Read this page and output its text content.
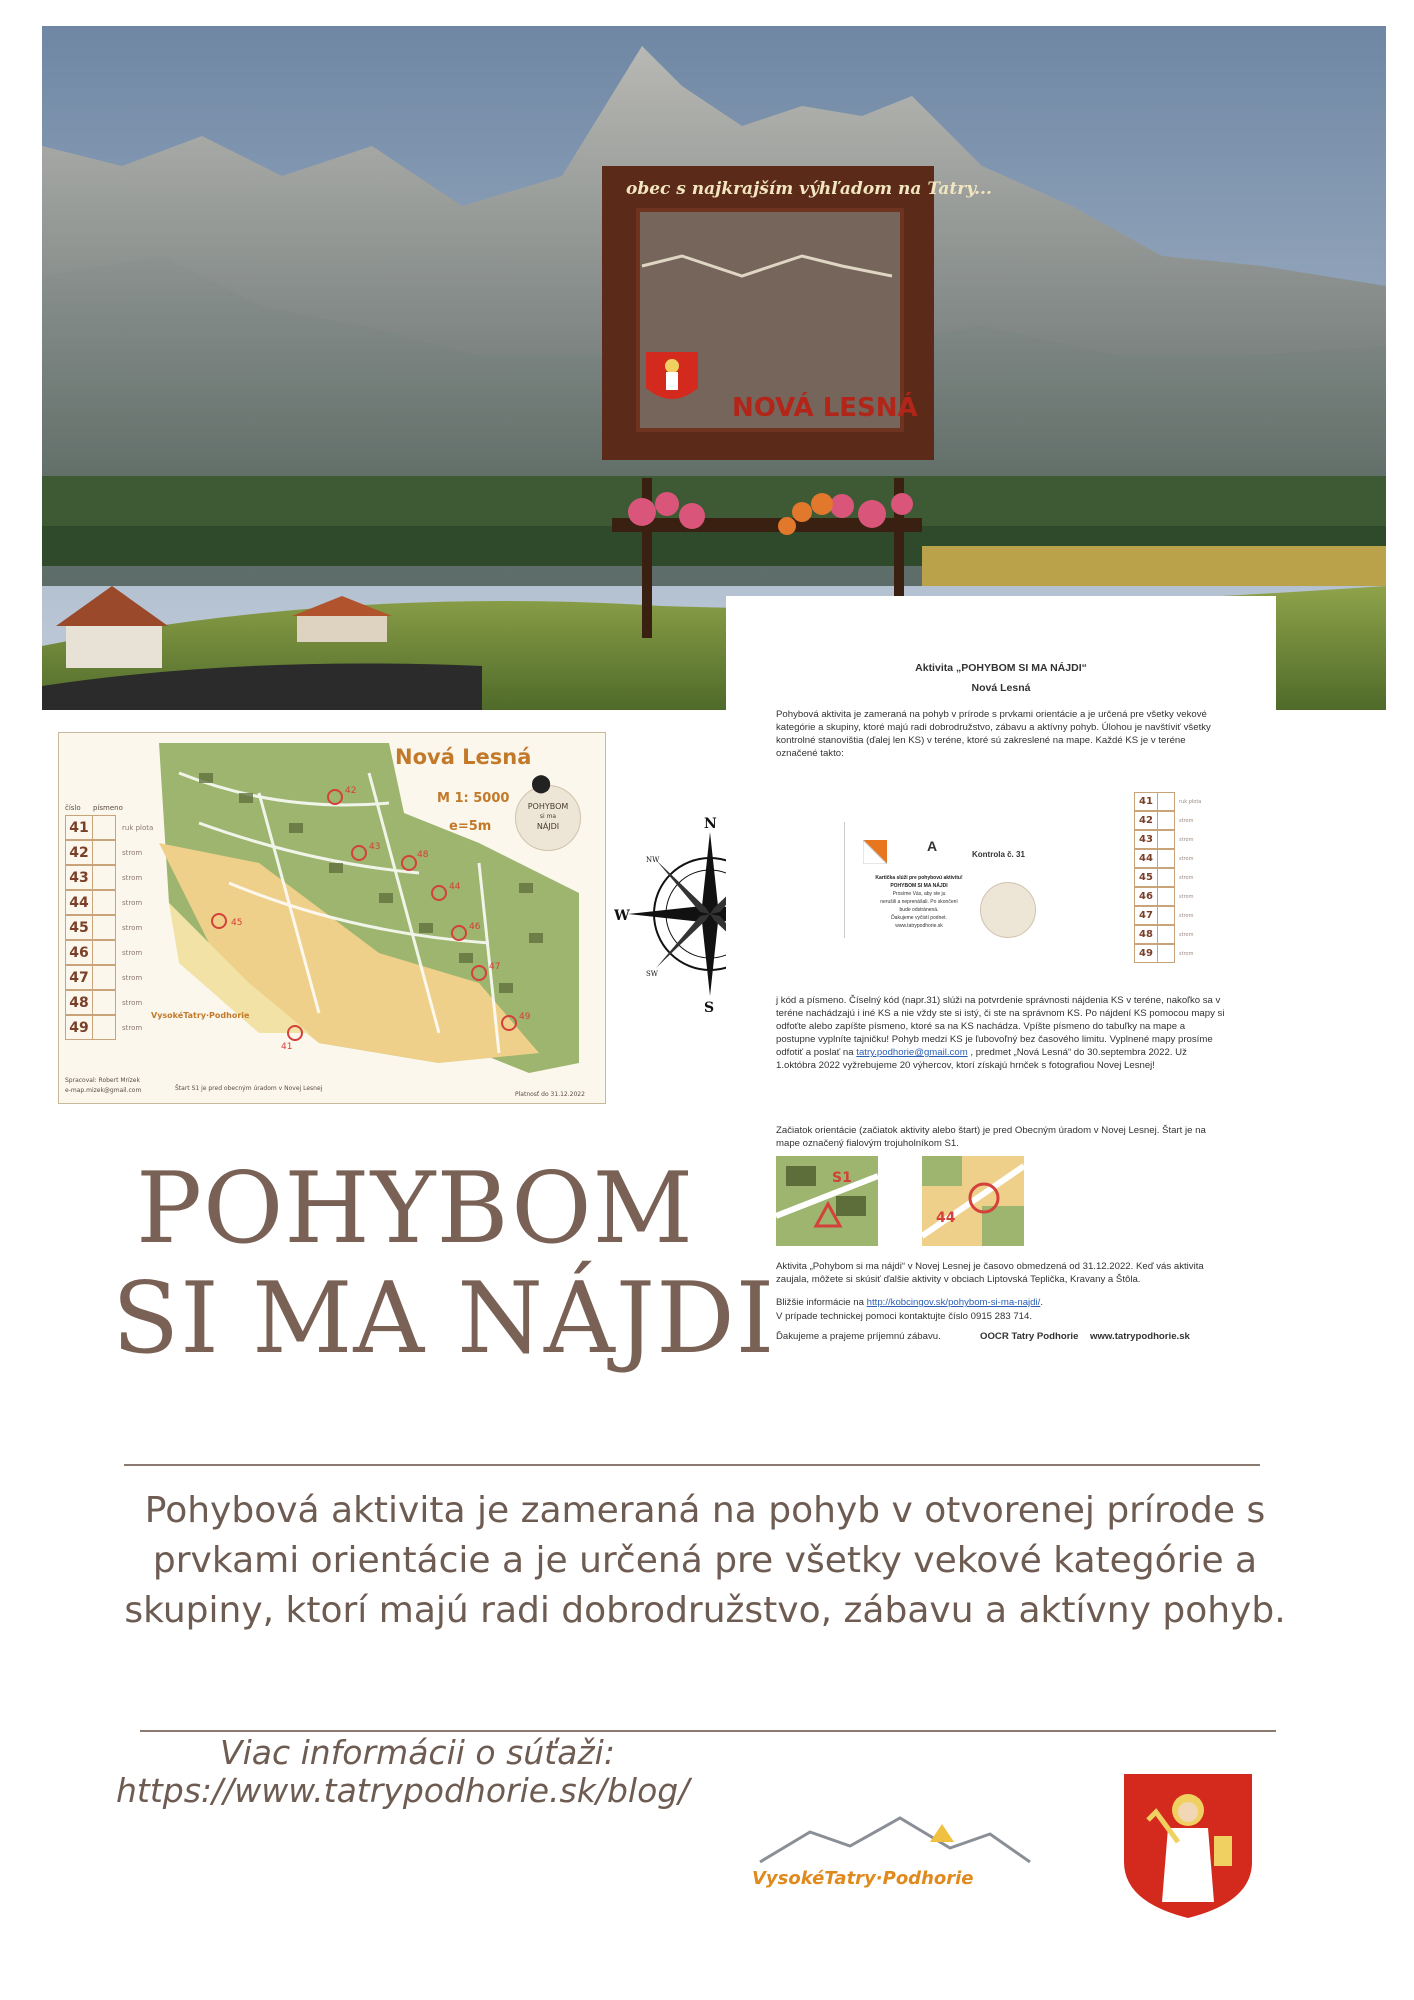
obec s najkrajším výhľadom na Tatry...
NOVÁ LESNÁ
45
41
42
43
44
46
47
48
49
číslo	písmeno
41	ruk plota
42	strom
43	strom
44	strom
45	strom
46	strom
47	strom
48	strom
49	strom
Nová Lesná
M 1: 5000
e=5m
POHYBOM
si ma
NÁJDI
⬤
VysokéTatry·Podhorie
Spracoval: Robert Mrízek
e-map.mizek@gmail.com	Štart S1 je pred obecným úradom v Novej Lesnej
Platnosť do 31.12.2022
N
S
W
NW
SW
Aktivita „POHYBOM SI MA NÁJDI“
Nová Lesná
Pohybová aktivita je zameraná na pohyb v prírode s prvkami orientácie a je určená pre všetky vekové kategórie a skupiny, ktoré majú radi dobrodružstvo, zábavu a aktívny pohyb. Úlohou je navštíviť všetky kontrolné stanovištia (ďalej len KS) v teréne, ktoré sú zakreslené na mape. Každé KS je v teréne označené takto:
A
Kartička slúži pre pohybovú aktivitu!
POHYBOM SI MA NÁJDI
Prosíme Vás, aby ste ju
nerušili a neprenášali. Po skončení
bude odstránená.
Ďakujeme vyčistí podnet.
www.tatrypodhorie.sk
Kontrola č. 31
41	ruk plota
42	strom
43	strom
44	strom
45	strom
46	strom
47	strom
48	strom
49	strom
j kód a písmeno. Číselný kód (napr.31) slúži na potvrdenie správnosti nájdenia KS v teréne, nakoľko sa v teréne nachádzajú i iné KS a nie vždy ste si istý, či ste na správnom KS. Po nájdení KS pomocou mapy si odfoťte alebo zapíšte písmeno, ktoré sa na KS nachádza. Vpíšte písmeno do tabuľky na mape a postupne vyplníte tajničku! Pohyb medzi KS je ľubovoľný bez časového limitu. Vyplnené mapy prosíme odfotiť a poslať na tatry.podhorie@gmail.com , predmet „Nová Lesná“ do 30.septembra 2022. Už 1.októbra 2022 vyžrebujeme 20 výhercov, ktorí získajú hrnček s fotografiou Novej Lesnej!
Začiatok orientácie (začiatok aktivity alebo štart) je pred Obecným úradom v Novej Lesnej. Štart je na mape označený fialovým trojuholníkom S1.
S1
44
Aktivita „Pohybom si ma nájdi“ v Novej Lesnej je časovo obmedzená od 31.12.2022. Keď vás aktivita zaujala, môžete si skúsiť ďalšie aktivity v obciach Liptovská Teplička, Kravany a Štôla.
Bližšie informácie na http://kobcingov.sk/pohybom-si-ma-najdi/.
V prípade technickej pomoci kontaktujte číslo 0915 283 714.
Ďakujeme a prajeme príjemnú zábavu.	OOCR Tatry Podhorie www.tatrypodhorie.sk
POHYBOM
SI MA NÁJDI
Pohybová aktivita je zameraná na pohyb v otvorenej prírode s prvkami orientácie a je určená pre všetky vekové kategórie a skupiny, ktorí majú radi dobrodružstvo, zábavu a aktívny pohyb.
Viac informácii o súťaži:
https://www.tatrypodhorie.sk/blog/
VysokéTatry·Podhorie
